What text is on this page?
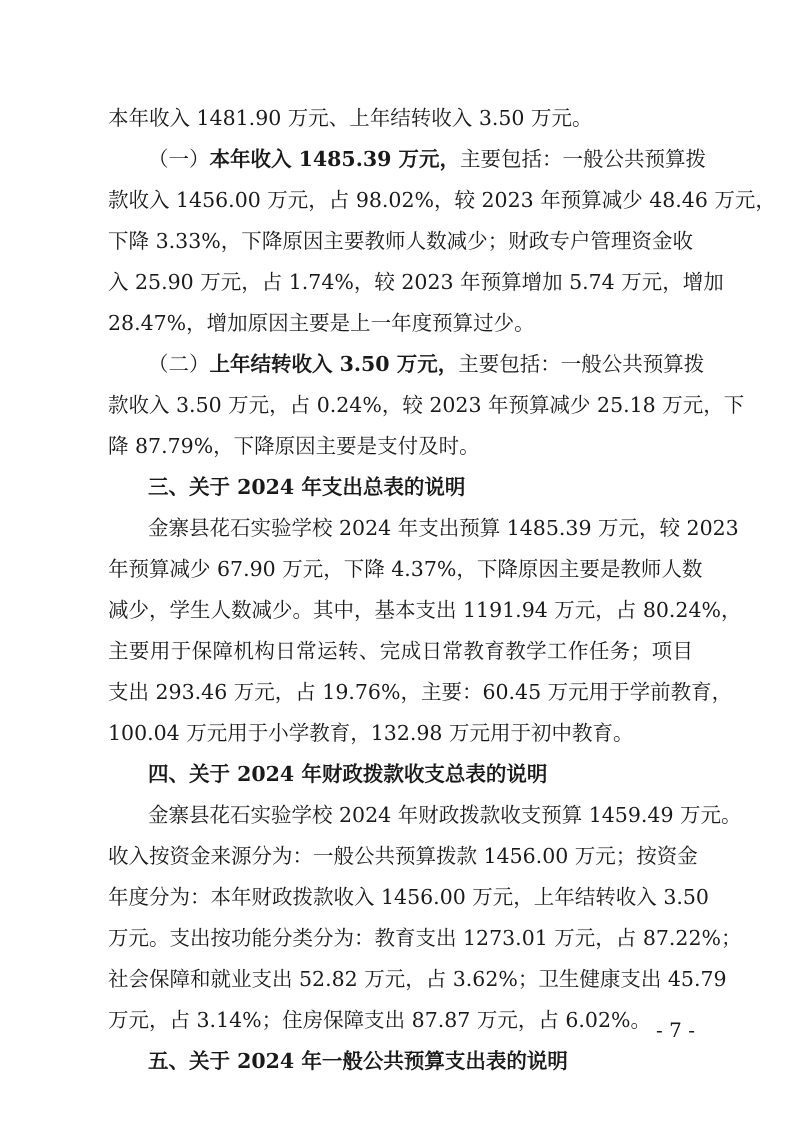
本年收入 1481.90 万元、上年结转收入 3.50 万元。
（一）本年收入 1485.39 万元，主要包括：一般公共预算拨
款收入 1456.00 万元，占 98.02%，较 2023 年预算减少 48.46 万元，
下降 3.33%，下降原因主要教师人数减少；财政专户管理资金收
入 25.90 万元，占 1.74%，较 2023 年预算增加 5.74 万元，增加
28.47%，增加原因主要是上一年度预算过少。
（二）上年结转收入 3.50 万元，主要包括：一般公共预算拨
款收入 3.50 万元，占 0.24%，较 2023 年预算减少 25.18 万元，下
降 87.79%，下降原因主要是支付及时。
三、关于 2024 年支出总表的说明
金寨县花石实验学校 2024 年支出预算 1485.39 万元，较 2023
年预算减少 67.90 万元，下降 4.37%，下降原因主要是教师人数
减少，学生人数减少。其中，基本支出 1191.94 万元，占 80.24%，
主要用于保障机构日常运转、完成日常教育教学工作任务；项目
支出 293.46 万元，占 19.76%，主要：60.45 万元用于学前教育，
100.04 万元用于小学教育，132.98 万元用于初中教育。
四、关于 2024 年财政拨款收支总表的说明
金寨县花石实验学校 2024 年财政拨款收支预算 1459.49 万元。
收入按资金来源分为：一般公共预算拨款 1456.00 万元；按资金
年度分为：本年财政拨款收入 1456.00 万元，上年结转收入 3.50
万元。支出按功能分类分为：教育支出 1273.01 万元，占 87.22%；
社会保障和就业支出 52.82 万元，占 3.62%；卫生健康支出 45.79
万元，占 3.14%；住房保障支出 87.87 万元，占 6.02%。
五、关于 2024 年一般公共预算支出表的说明
- 7 -
